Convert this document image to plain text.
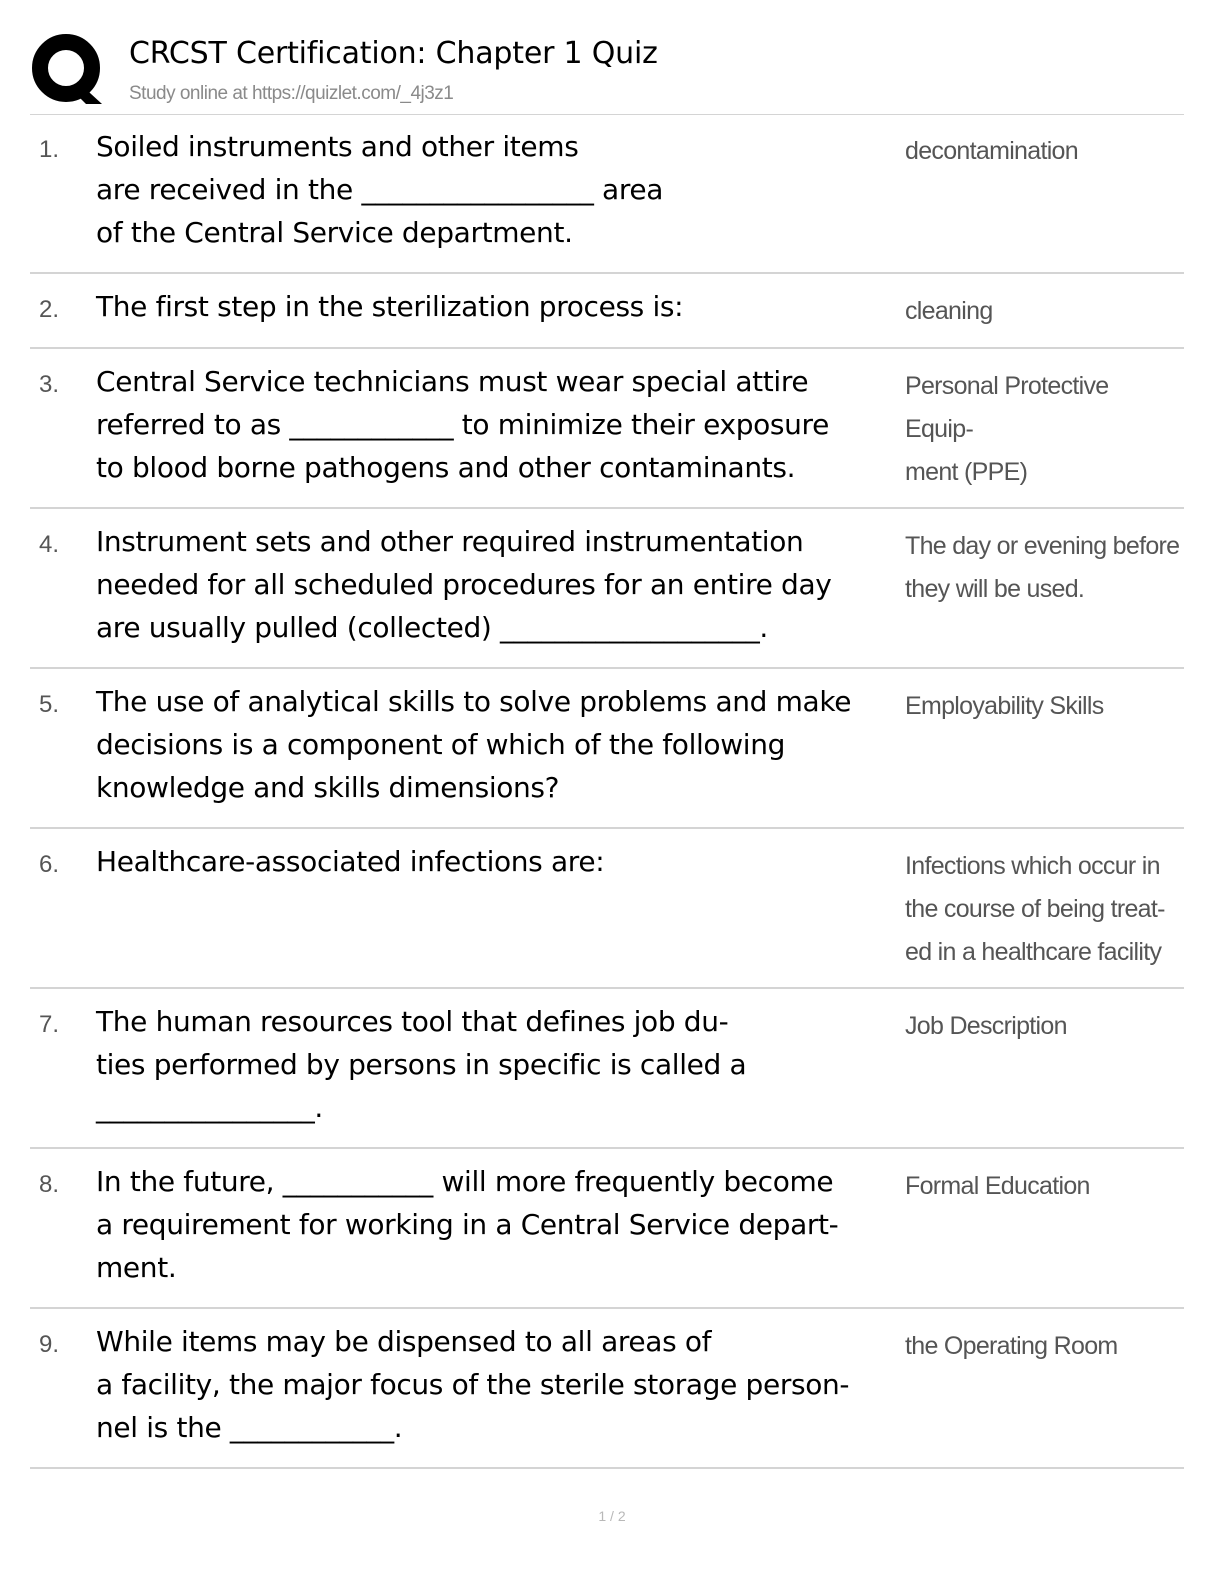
CRCST Certification: Chapter 1 Quiz
Study online at https://quizlet.com/_4j3z1
1. Soiled instruments and other items
are received in the _________________ area
of the Central Service department.
decontamination
2. The first step in the sterilization process is:	cleaning
3. Central Service technicians must wear special attire
referred to as ____________ to minimize their exposure
to blood borne pathogens and other contaminants.
Personal Protective Equip-
ment (PPE)
4. Instrument sets and other required instrumentation
needed for all scheduled procedures for an entire day
are usually pulled (collected) ___________________.
The day or evening before
they will be used.
5. The use of analytical skills to solve problems and make
decisions is a component of which of the following
knowledge and skills dimensions?
Employability Skills
6. Healthcare-associated infections are:	Infections which occur in
the course of being treat-
ed in a healthcare facility
7. The human resources tool that defines job du-
ties performed by persons in specific is called a
________________.
Job Description
8. In the future, ___________ will more frequently become
a requirement for working in a Central Service depart-
ment.
Formal Education
9. While items may be dispensed to all areas of
a facility, the major focus of the sterile storage person-
nel is the ____________.
the Operating Room
1 / 2
